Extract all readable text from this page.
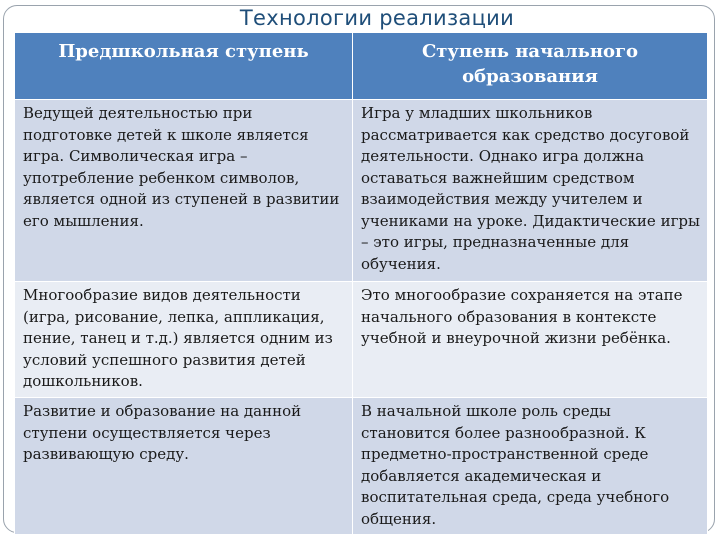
Технологии реализации
Предшкольная ступень	Ступень начального образования
Ведущей деятельностью при подготовке детей к школе является игра. Символическая игра – употребление ребенком символов, является одной из ступеней в развитии его мышления.	Игра у младших школьников рассматривается как средство досуговой деятельности. Однако игра должна оставаться важнейшим средством взаимодействия между учителем и учениками на уроке. Дидактические игры – это игры, предназначенные для обучения.
Многообразие видов деятельности (игра, рисование, лепка, аппликация, пение, танец и т.д.) является одним из условий успешного развития детей дошкольников.	Это многообразие сохраняется на этапе начального образования в контексте учебной и внеурочной жизни ребёнка.
Развитие и образование на данной ступени осуществляется через развивающую среду.	В начальной школе роль среды становится более разнообразной. К предметно-пространственной среде добавляется академическая и воспитательная среда, среда учебного общения.
